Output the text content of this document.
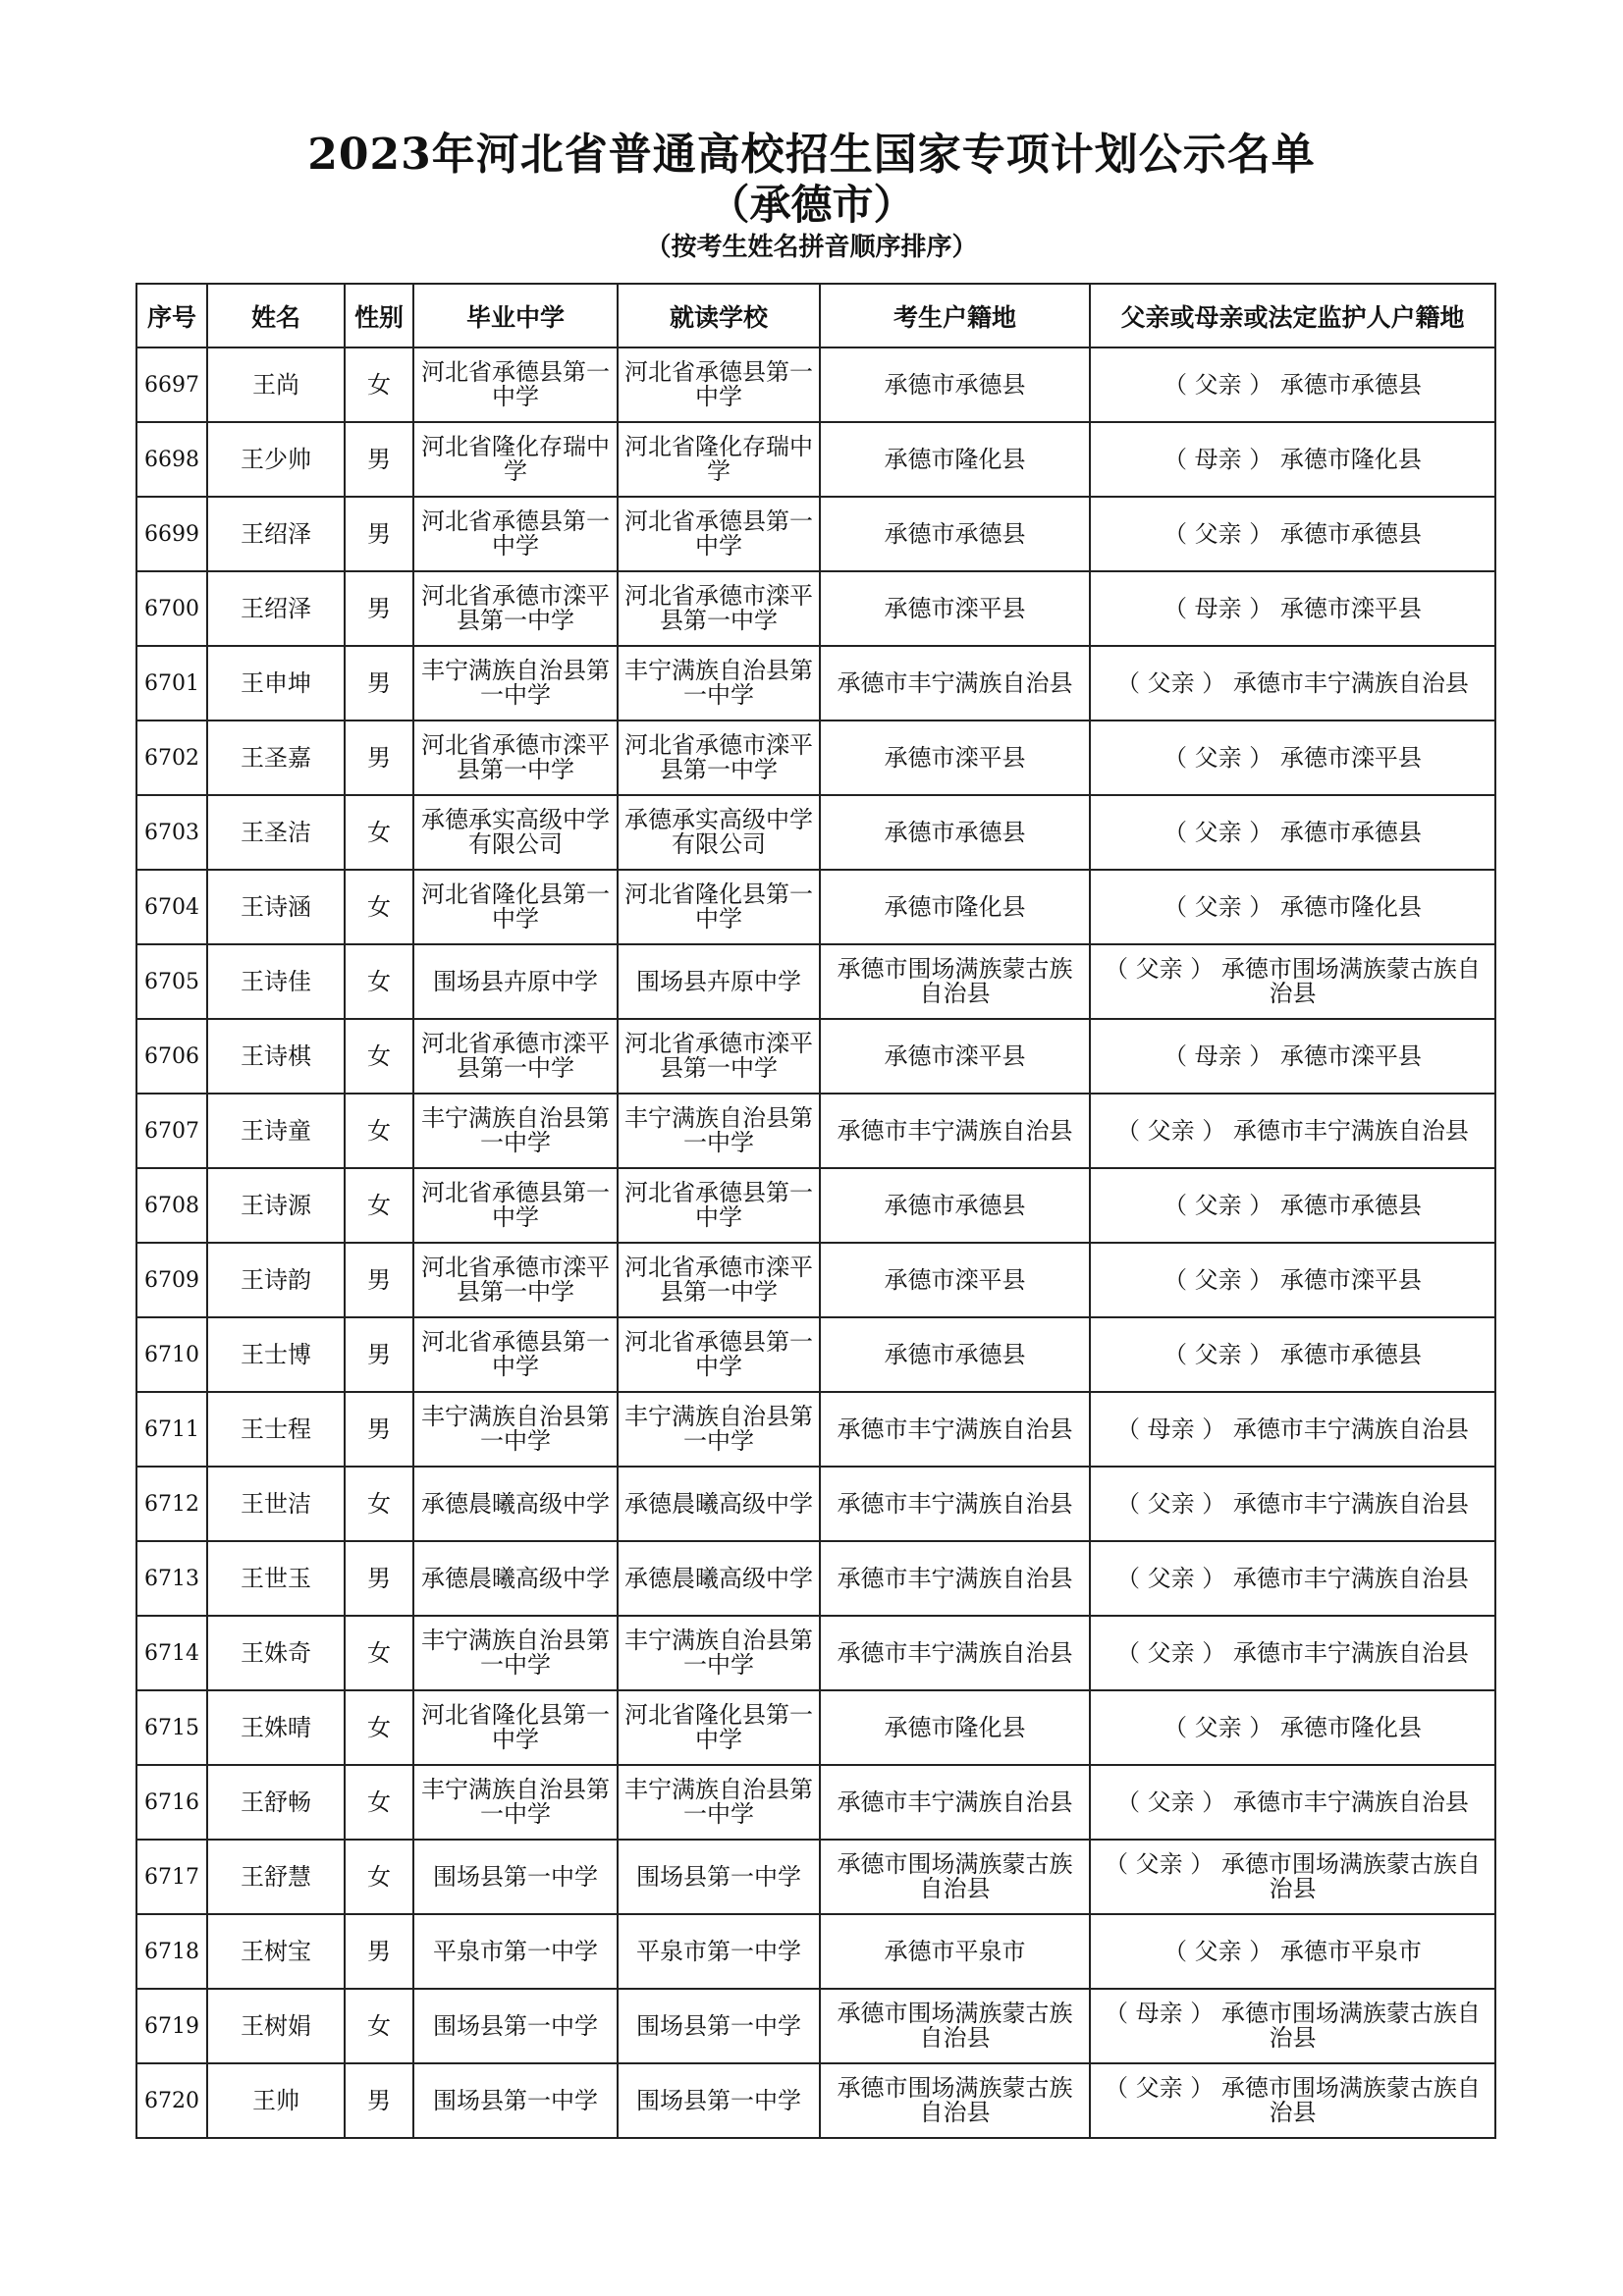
2023年河北省普通高校招生国家专项计划公示名单
（承德市）
（按考生姓名拼音顺序排序）
序号	姓名	性别	毕业中学	就读学校	考生户籍地	父亲或母亲或法定监护人户籍地
6697	王尚	女	河北省承德县第一中学	河北省承德县第一中学	承德市承德县	（ 父亲 ） 承德市承德县
6698	王少帅	男	河北省隆化存瑞中学	河北省隆化存瑞中学	承德市隆化县	（ 母亲 ） 承德市隆化县
6699	王绍泽	男	河北省承德县第一中学	河北省承德县第一中学	承德市承德县	（ 父亲 ） 承德市承德县
6700	王绍泽	男	河北省承德市滦平县第一中学	河北省承德市滦平县第一中学	承德市滦平县	（ 母亲 ） 承德市滦平县
6701	王申坤	男	丰宁满族自治县第一中学	丰宁满族自治县第一中学	承德市丰宁满族自治县	（ 父亲 ） 承德市丰宁满族自治县
6702	王圣嘉	男	河北省承德市滦平县第一中学	河北省承德市滦平县第一中学	承德市滦平县	（ 父亲 ） 承德市滦平县
6703	王圣洁	女	承德承实高级中学有限公司	承德承实高级中学有限公司	承德市承德县	（ 父亲 ） 承德市承德县
6704	王诗涵	女	河北省隆化县第一中学	河北省隆化县第一中学	承德市隆化县	（ 父亲 ） 承德市隆化县
6705	王诗佳	女	围场县卉原中学	围场县卉原中学	承德市围场满族蒙古族自治县	（ 父亲 ） 承德市围场满族蒙古族自治县
6706	王诗棋	女	河北省承德市滦平县第一中学	河北省承德市滦平县第一中学	承德市滦平县	（ 母亲 ） 承德市滦平县
6707	王诗童	女	丰宁满族自治县第一中学	丰宁满族自治县第一中学	承德市丰宁满族自治县	（ 父亲 ） 承德市丰宁满族自治县
6708	王诗源	女	河北省承德县第一中学	河北省承德县第一中学	承德市承德县	（ 父亲 ） 承德市承德县
6709	王诗韵	男	河北省承德市滦平县第一中学	河北省承德市滦平县第一中学	承德市滦平县	（ 父亲 ） 承德市滦平县
6710	王士博	男	河北省承德县第一中学	河北省承德县第一中学	承德市承德县	（ 父亲 ） 承德市承德县
6711	王士程	男	丰宁满族自治县第一中学	丰宁满族自治县第一中学	承德市丰宁满族自治县	（ 母亲 ） 承德市丰宁满族自治县
6712	王世洁	女	承德晨曦高级中学	承德晨曦高级中学	承德市丰宁满族自治县	（ 父亲 ） 承德市丰宁满族自治县
6713	王世玉	男	承德晨曦高级中学	承德晨曦高级中学	承德市丰宁满族自治县	（ 父亲 ） 承德市丰宁满族自治县
6714	王姝奇	女	丰宁满族自治县第一中学	丰宁满族自治县第一中学	承德市丰宁满族自治县	（ 父亲 ） 承德市丰宁满族自治县
6715	王姝晴	女	河北省隆化县第一中学	河北省隆化县第一中学	承德市隆化县	（ 父亲 ） 承德市隆化县
6716	王舒畅	女	丰宁满族自治县第一中学	丰宁满族自治县第一中学	承德市丰宁满族自治县	（ 父亲 ） 承德市丰宁满族自治县
6717	王舒慧	女	围场县第一中学	围场县第一中学	承德市围场满族蒙古族自治县	（ 父亲 ） 承德市围场满族蒙古族自治县
6718	王树宝	男	平泉市第一中学	平泉市第一中学	承德市平泉市	（ 父亲 ） 承德市平泉市
6719	王树娟	女	围场县第一中学	围场县第一中学	承德市围场满族蒙古族自治县	（ 母亲 ） 承德市围场满族蒙古族自治县
6720	王帅	男	围场县第一中学	围场县第一中学	承德市围场满族蒙古族自治县	（ 父亲 ） 承德市围场满族蒙古族自治县
